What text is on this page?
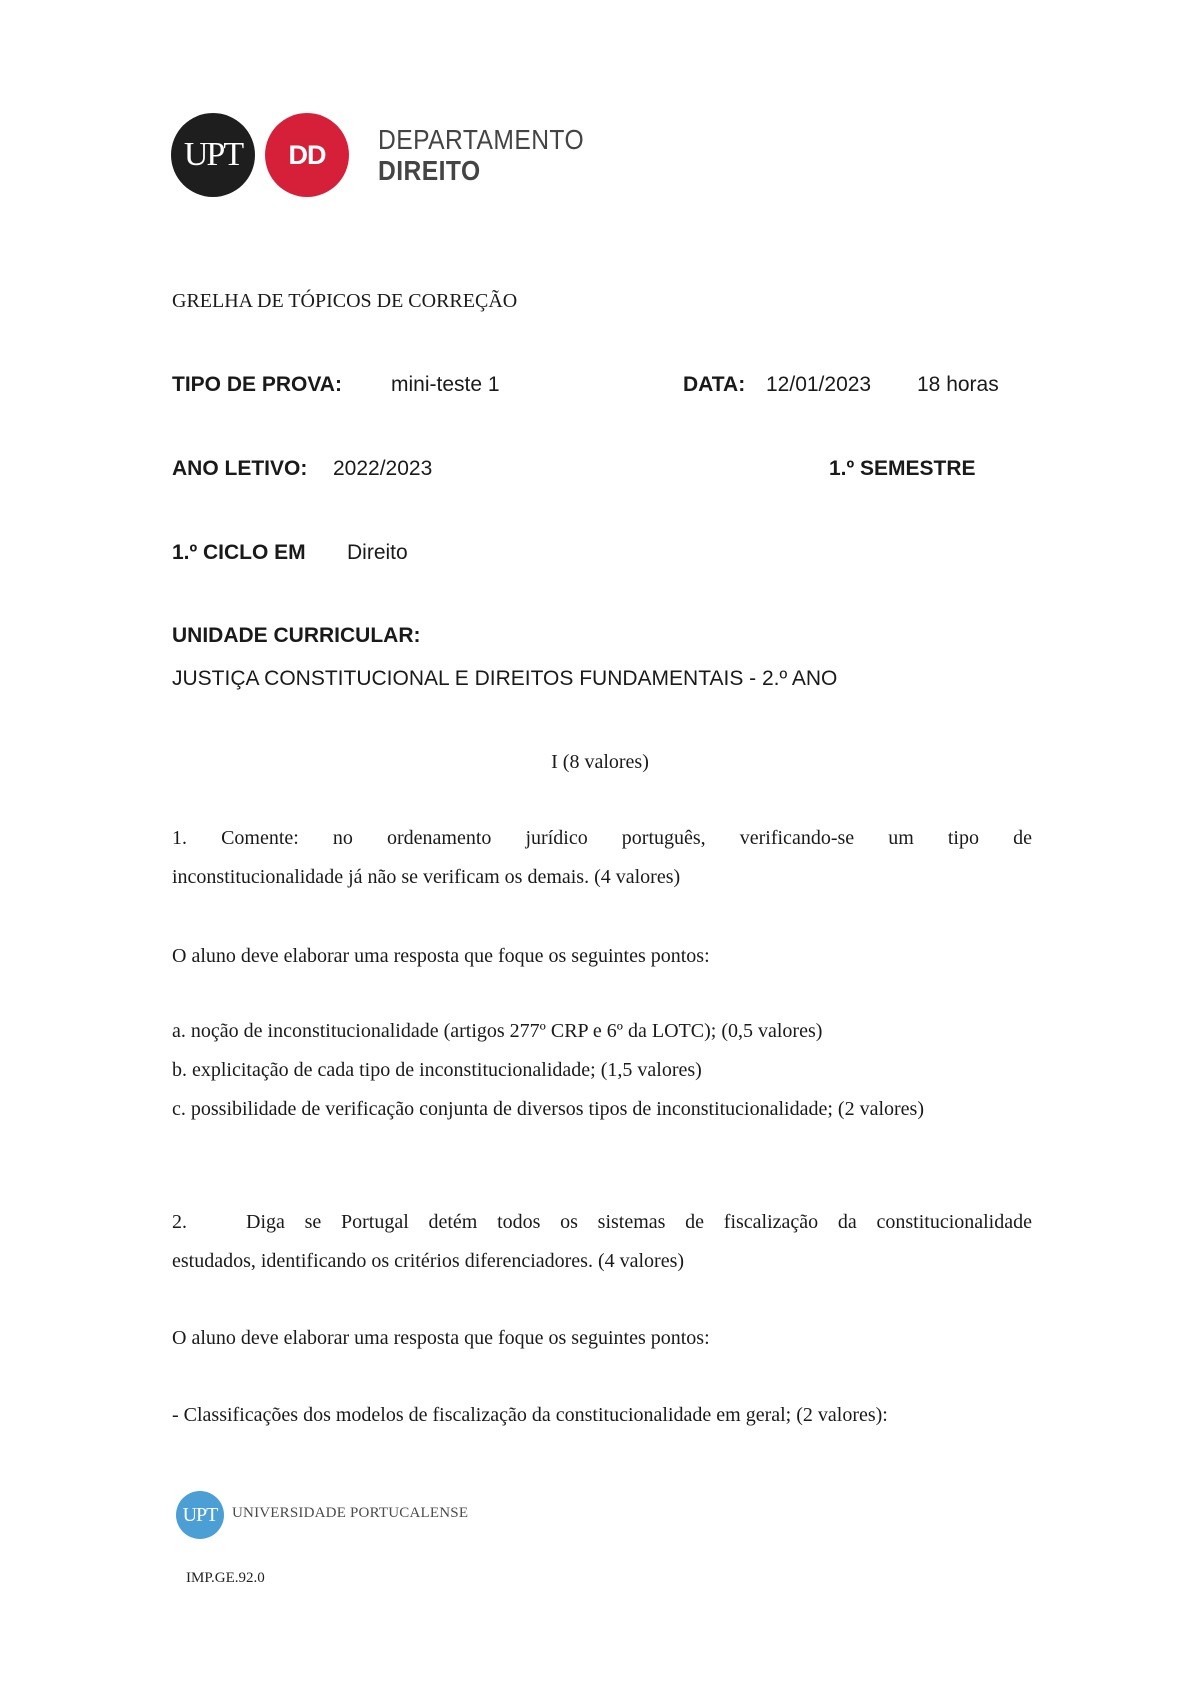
UPT DD DEPARTAMENTO
DIREITO
GRELHA DE TÓPICOS DE CORREÇÃO
TIPO DE PROVA: mini-teste 1	DATA: 12/01/2023 18 horas
ANO LETIVO: 2022/2023	1.º SEMESTRE
1.º CICLO EM Direito
UNIDADE CURRICULAR:
JUSTIÇA CONSTITUCIONAL E DIREITOS FUNDAMENTAIS - 2.º ANO
I (8 valores)
1. Comente: no ordenamento jurídico português, verificando-se um tipo de
inconstitucionalidade já não se verificam os demais. (4 valores)
O aluno deve elaborar uma resposta que foque os seguintes pontos:
a. noção de inconstitucionalidade (artigos 277º CRP e 6º da LOTC); (0,5 valores)
b. explicitação de cada tipo de inconstitucionalidade; (1,5 valores)
c. possibilidade de verificação conjunta de diversos tipos de inconstitucionalidade; (2 valores)
2.	Diga se Portugal detém todos os sistemas de fiscalização da constitucionalidade
estudados, identificando os critérios diferenciadores. (4 valores)
O aluno deve elaborar uma resposta que foque os seguintes pontos:
- Classificações dos modelos de fiscalização da constitucionalidade em geral; (2 valores):
UPT UNIVERSIDADE PORTUCALENSE
IMP.GE.92.0
